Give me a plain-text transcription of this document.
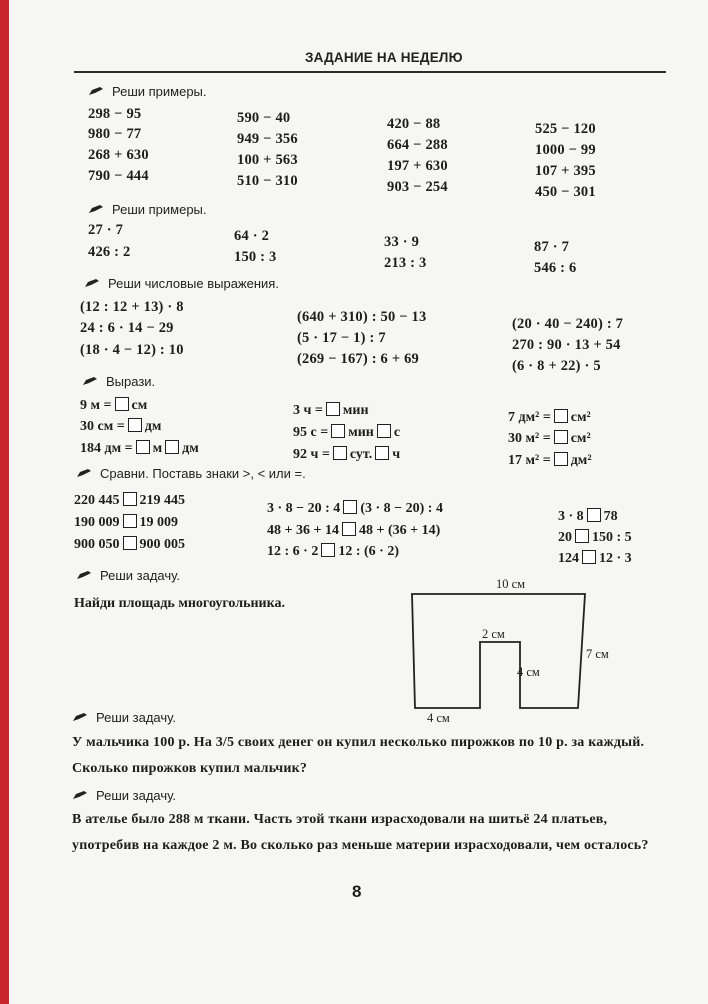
ЗАДАНИЕ НА НЕДЕЛЮ
Реши примеры.
298 − 95
980 − 77
268 + 630
790 − 444
590 − 40
949 − 356
100 + 563
510 − 310
420 − 88
664 − 288
197 + 630
903 − 254
525 − 120
1000 − 99
107 + 395
450 − 301
Реши примеры.
27 · 7
426 : 2
64 · 2
150 : 3
33 · 9
213 : 3
87 · 7
546 : 6
Реши числовые выражения.
(12 : 12 + 13) · 8
24 : 6 · 14 − 29
(18 · 4 − 12) : 10
(640 + 310) : 50 − 13
(5 · 17 − 1) : 7
(269 − 167) : 6 + 69
(20 · 40 − 240) : 7
270 : 90 · 13 + 54
(6 · 8 + 22) · 5
Вырази.
9 м = см
30 см = дм
184 дм = м дм
3 ч = мин
95 с = мин с
92 ч = сут. ч
7 дм² = см²
30 м² = см²
17 м² = дм²
Сравни. Поставь знаки >, < или =.
220 445 219 445
190 009 19 009
900 050 900 005
3 · 8 − 20 : 4 (3 · 8 − 20) : 4
48 + 36 + 14 48 + (36 + 14)
12 : 6 · 2 12 : (6 · 2)
3 · 8 78
20 150 : 5
124 12 · 3
Реши задачу.
Найди площадь многоугольника.
10 см
2 см
7 см
4 см
4 см
Реши задачу.
У мальчика 100 р. На 3/5 своих денег он купил несколько пирожков по 10 р. за каждый. Сколько пирожков купил мальчик?
Реши задачу.
В ателье было 288 м ткани. Часть этой ткани израсходовали на шитьё 24 платьев, употребив на каждое 2 м. Во сколько раз меньше материи израсходовали, чем осталось?
8
